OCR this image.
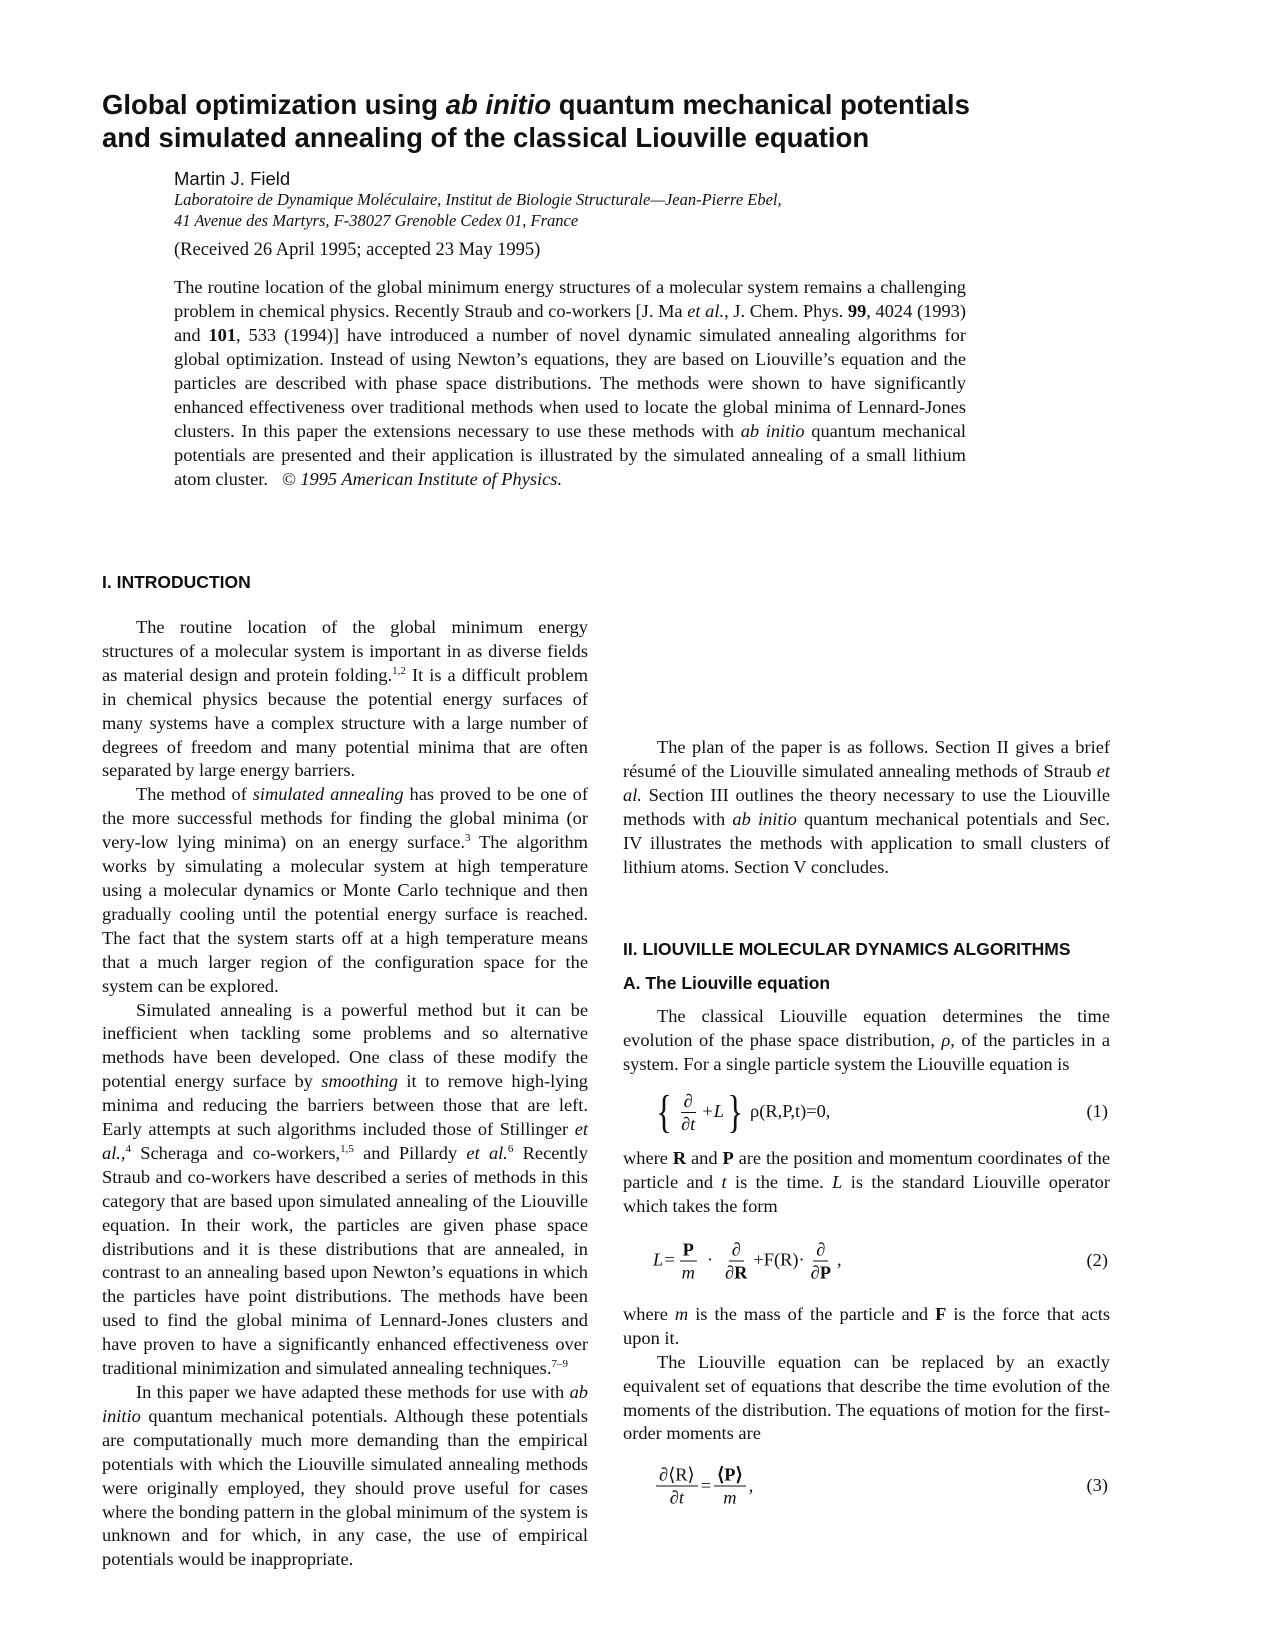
Global optimization using ab initio quantum mechanical potentials
and simulated annealing of the classical Liouville equation
Martin J. Field
Laboratoire de Dynamique Moléculaire, Institut de Biologie Structurale—Jean-Pierre Ebel,
41 Avenue des Martyrs, F-38027 Grenoble Cedex 01, France
(Received 26 April 1995; accepted 23 May 1995)
The routine location of the global minimum energy structures of a molecular system remains a challenging problem in chemical physics. Recently Straub and co-workers [J. Ma et al., J. Chem. Phys. 99, 4024 (1993) and 101, 533 (1994)] have introduced a number of novel dynamic simulated annealing algorithms for global optimization. Instead of using Newton’s equations, they are based on Liouville’s equation and the particles are described with phase space distributions. The methods were shown to have significantly enhanced effectiveness over traditional methods when used to locate the global minima of Lennard-Jones clusters. In this paper the extensions necessary to use these methods with ab initio quantum mechanical potentials are presented and their application is illustrated by the simulated annealing of a small lithium atom cluster. © 1995 American Institute of Physics.
I. INTRODUCTION

The routine location of the global minimum energy structures of a molecular system is important in as diverse fields as material design and protein folding.$^{1,2}$ It is a difficult problem in chemical physics because the potential energy surfaces of many systems have a complex structure with a large number of degrees of freedom and many potential minima that are often separated by large energy barriers.

The method of simulated annealing has proved to be one of the more successful methods for finding the global minima (or very-low lying minima) on an energy surface.$^3$ The algorithm works by simulating a molecular system at high temperature using a molecular dynamics or Monte Carlo technique and then gradually cooling until the potential energy surface is reached. The fact that the system starts off at a high temperature means that a much larger region of the configuration space for the system can be explored.

Simulated annealing is a powerful method but it can be inefficient when tackling some problems and so alternative methods have been developed. One class of these modify the potential energy surface by smoothing it to remove high-lying minima and reducing the barriers between those that are left. Early attempts at such algorithms included those of Stillinger et al.,$^4$ Scheraga and co-workers,$^{1,5}$ and Pillardy et al.$^6$ Recently Straub and co-workers have described a series of methods in this category that are based upon simulated annealing of the Liouville equation. In their work, the particles are given phase space distributions and it is these distributions that are annealed, in contrast to an annealing based upon Newton’s equations in which the particles have point distributions. The methods have been used to find the global minima of Lennard-Jones clusters and have proven to have a significantly enhanced effectiveness over traditional minimization and simulated annealing techniques.$^{7-9}$

In this paper we have adapted these methods for use with ab initio quantum mechanical potentials. Although these potentials are computationally much more demanding than the empirical potentials with which the Liouville simulated annealing methods were originally employed, they should prove useful for cases where the bonding pattern in the global minimum of the system is unknown and for which, in any case, the use of empirical potentials would be inappropriate.

The plan of the paper is as follows. Section II gives a brief résumé of the Liouville simulated annealing methods of Straub et al. Section III outlines the theory necessary to use the Liouville methods with ab initio quantum mechanical potentials and Sec. IV illustrates the methods with application to small clusters of lithium atoms. Section V concludes.

II. LIOUVILLE MOLECULAR DYNAMICS ALGORITHMS
A. The Liouville equation

The classical Liouville equation determines the time evolution of the phase space distribution, ρ, of the particles in a system. For a single particle system the Liouville equation is

{ $\frac{\partial}{\partial t} +L$ } ρ(R,P,t)=0,	(1)

where R and P are the position and momentum coordinates of the particle and t is the time. L is the standard Liouville operator which takes the form

$L= \frac{P}{m} \cdot \frac{\partial}{\partial R} +F(R)\cdot \frac{\partial}{\partial P}$ ,	(2)

where m is the mass of the particle and F is the force that acts upon it.

The Liouville equation can be replaced by an exactly equivalent set of equations that describe the time evolution of the moments of the distribution. The equations of motion for the first-order moments are

$\frac{\partial⟨R⟩}{\partial t} = \frac{⟨P⟩}{m}$ ,	(3)
